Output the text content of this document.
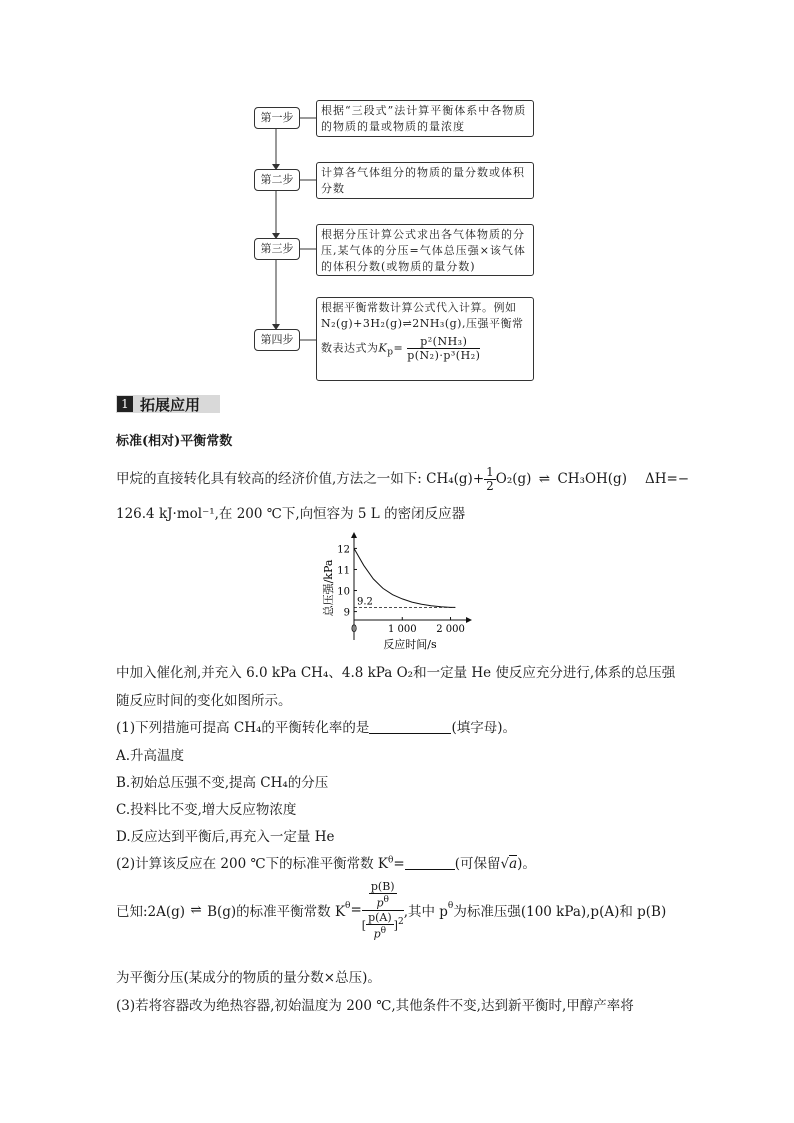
第一步
根据“三段式”法计算平衡体系中各物质的物质的量或物质的量浓度
第二步
计算各气体组分的物质的量分数或体积分数
第三步
根据分压计算公式求出各气体物质的分压,某气体的分压=气体总压强×该气体的体积分数(或物质的量分数)
第四步
根据平衡常数计算公式代入计算。例如
N₂(g)+3H₂(g)⇌2NH₃(g),压强平衡常
数表达式为$K_p= \frac{\text{p²(NH₃)}}{\text{p(N₂)·p³(H₂)}}$
1 拓展应用
标准(相对)平衡常数
甲烷的直接转化具有较高的经济价值,方法之一如下: $CH_4(g)+ \frac{1}{2} O_2(g)$ ⇌ CH₃OH(g) ΔH=−
126.4 kJ·mol⁻¹,在 200 ℃下,向恒容为 5 L 的密闭反应器
总压强/kPa
反应时间/s
9
10
11
12
0	1 000 2 000
9.2
中加入催化剂,并充入 6.0 kPa CH₄、4.8 kPa O₂和一定量 He 使反应充分进行,体系的总压强
随反应时间的变化如图所示。
(1)下列措施可提高 CH₄的平衡转化率的是	(填字母)。
A.升高温度
B.初始总压强不变,提高 CH₄的分压
C.投料比不变,增大反应物浓度
D.反应达到平衡后,再充入一定量 He
(2)计算该反应在 200 ℃下的标准平衡常数 $K^\theta=$	(可保留√a)。
已知:2A(g) ⇌ B(g)的标准平衡常数 $K^\theta= \frac{\frac{p(B)}{p^\theta}}{[ \frac{p(A)}{p^\theta} ]^2}$ ,其中 $p^\theta$为标准压强(100 kPa),p(A)和 p(B)
为平衡分压(某成分的物质的量分数×总压)。
(3)若将容器改为绝热容器,初始温度为 200 ℃,其他条件不变,达到新平衡时,甲醇产率将
